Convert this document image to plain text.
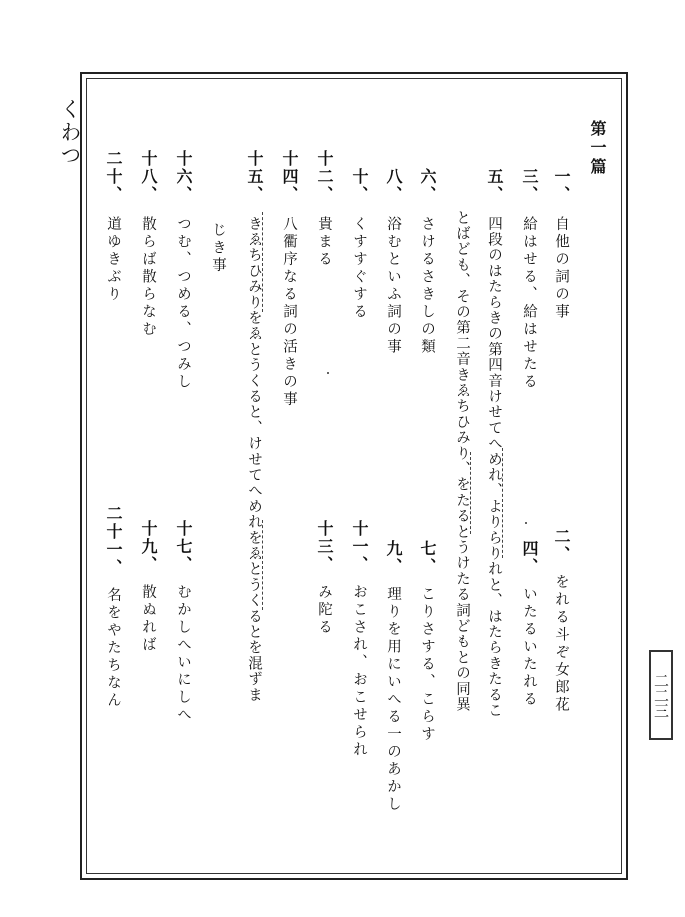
くわつ
二二三
第一篇
一、自他の詞の事
三、給はせる、給はせたる
五、四段のはたらきの第四音けせてへめれ、よりらりれと、はたらきたるこ
とばども、その第二音きゑちひみり、をたるとうけたる詞どもとの同異
六、さけるさきしの類
八、浴むといふ詞の事
十、くすすぐする
十二、貴まる
十四、八衢序なる詞の活きの事
十五、きゑちひみりをゑとうくると、けせてへめれをゑとうくるとを混ずま
じき事
十六、つむ、つめる、つみし
十八、散らば散らなむ
二十、道ゆきぶり
二、をれる斗ぞ女郎花
四、いたるいたれる
七、こりさする、こらす
九、理りを用にいへる一のあかし
十一、おこされ、おこせられ
十三、み陀る
十七、むかしへいにしへ
十九、散ぬれば
二十一、名をやたちなん
